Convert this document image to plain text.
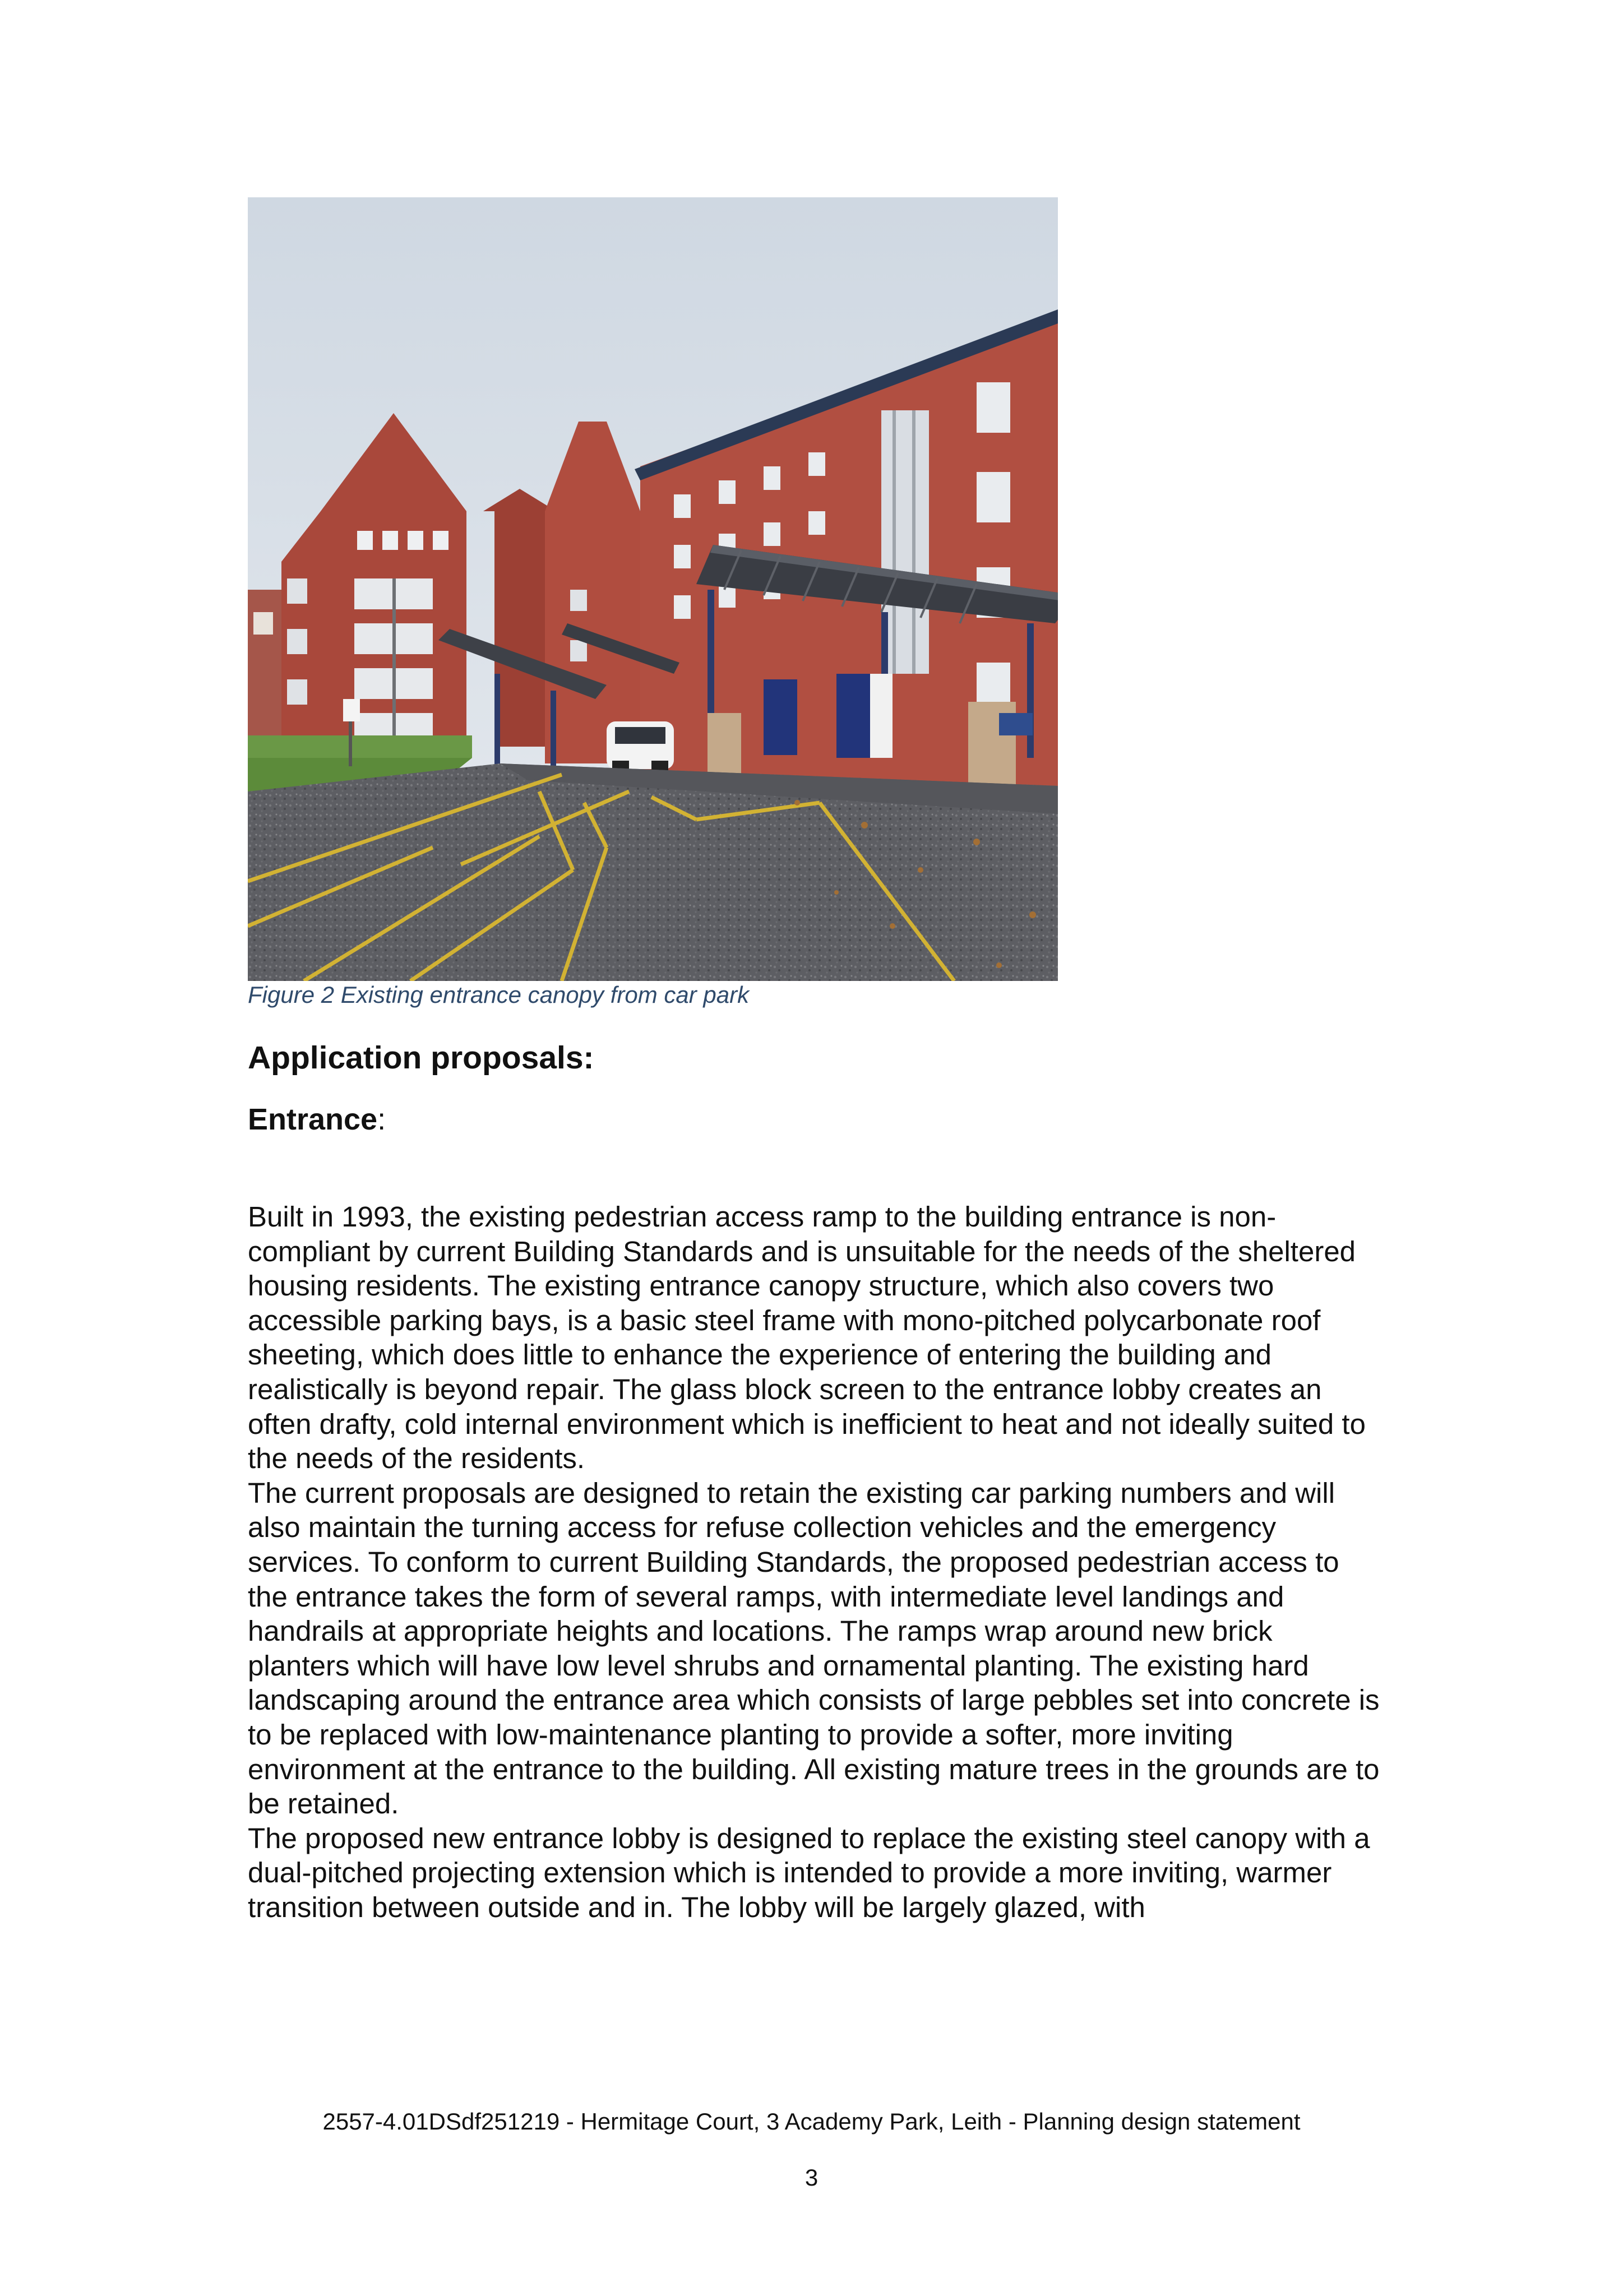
Figure 2 Existing entrance canopy from car park
Application proposals:
Entrance:

Built in 1993, the existing pedestrian access ramp to the building entrance is non-compliant by current Building Standards and is unsuitable for the needs of the sheltered housing residents. The existing entrance canopy structure, which also covers two accessible parking bays, is a basic steel frame with mono-pitched polycarbonate roof sheeting, which does little to enhance the experience of entering the building and realistically is beyond repair. The glass block screen to the entrance lobby creates an often drafty, cold internal environment which is inefficient to heat and not ideally suited to the needs of the residents.

The current proposals are designed to retain the existing car parking numbers and will also maintain the turning access for refuse collection vehicles and the emergency services. To conform to current Building Standards, the proposed pedestrian access to the entrance takes the form of several ramps, with intermediate level landings and handrails at appropriate heights and locations. The ramps wrap around new brick planters which will have low level shrubs and ornamental planting. The existing hard landscaping around the entrance area which consists of large pebbles set into concrete is to be replaced with low-maintenance planting to provide a softer, more inviting environment at the entrance to the building. All existing mature trees in the grounds are to be retained.

The proposed new entrance lobby is designed to replace the existing steel canopy with a dual-pitched projecting extension which is intended to provide a more inviting, warmer transition between outside and in. The lobby will be largely glazed, with

2557-4.01DSdf251219 - Hermitage Court, 3 Academy Park, Leith - Planning design statement
3
